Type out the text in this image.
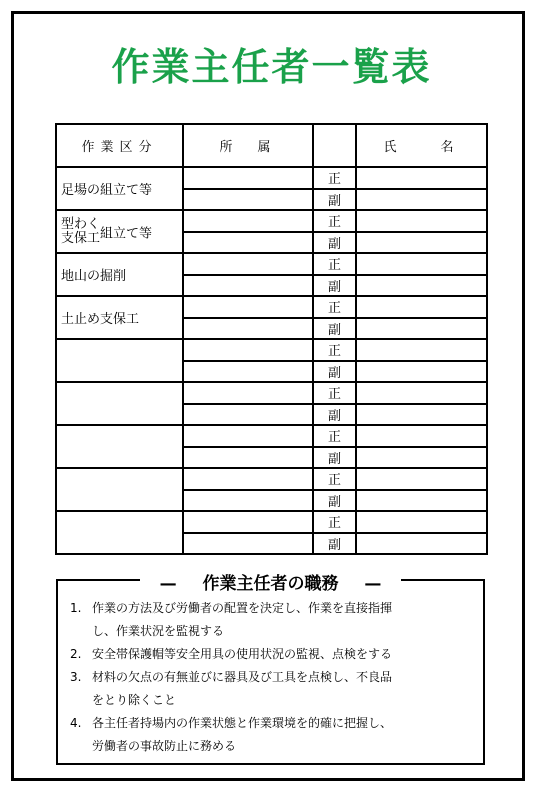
作業主任者一覧表
作業区分	所　属		氏　　名
足場の組立て等		正	
		副	
型わく
支保工組立て等		正	
		副	
地山の掘削		正	
		副	
土止め支保工		正	
		副	
		正	
		副	
		正	
		副	
		正	
		副	
		正	
		副	
		正	
		副	
— 作業主任者の職務 —
1. 作業の方法及び労働者の配置を決定し、作業を直接指揮
し、作業状況を監視する
2. 安全帯保護帽等安全用具の使用状況の監視、点検をする
3. 材料の欠点の有無並びに器具及び工具を点検し、不良品
をとり除くこと
4. 各主任者持場内の作業状態と作業環境を的確に把握し、
労働者の事故防止に務める
